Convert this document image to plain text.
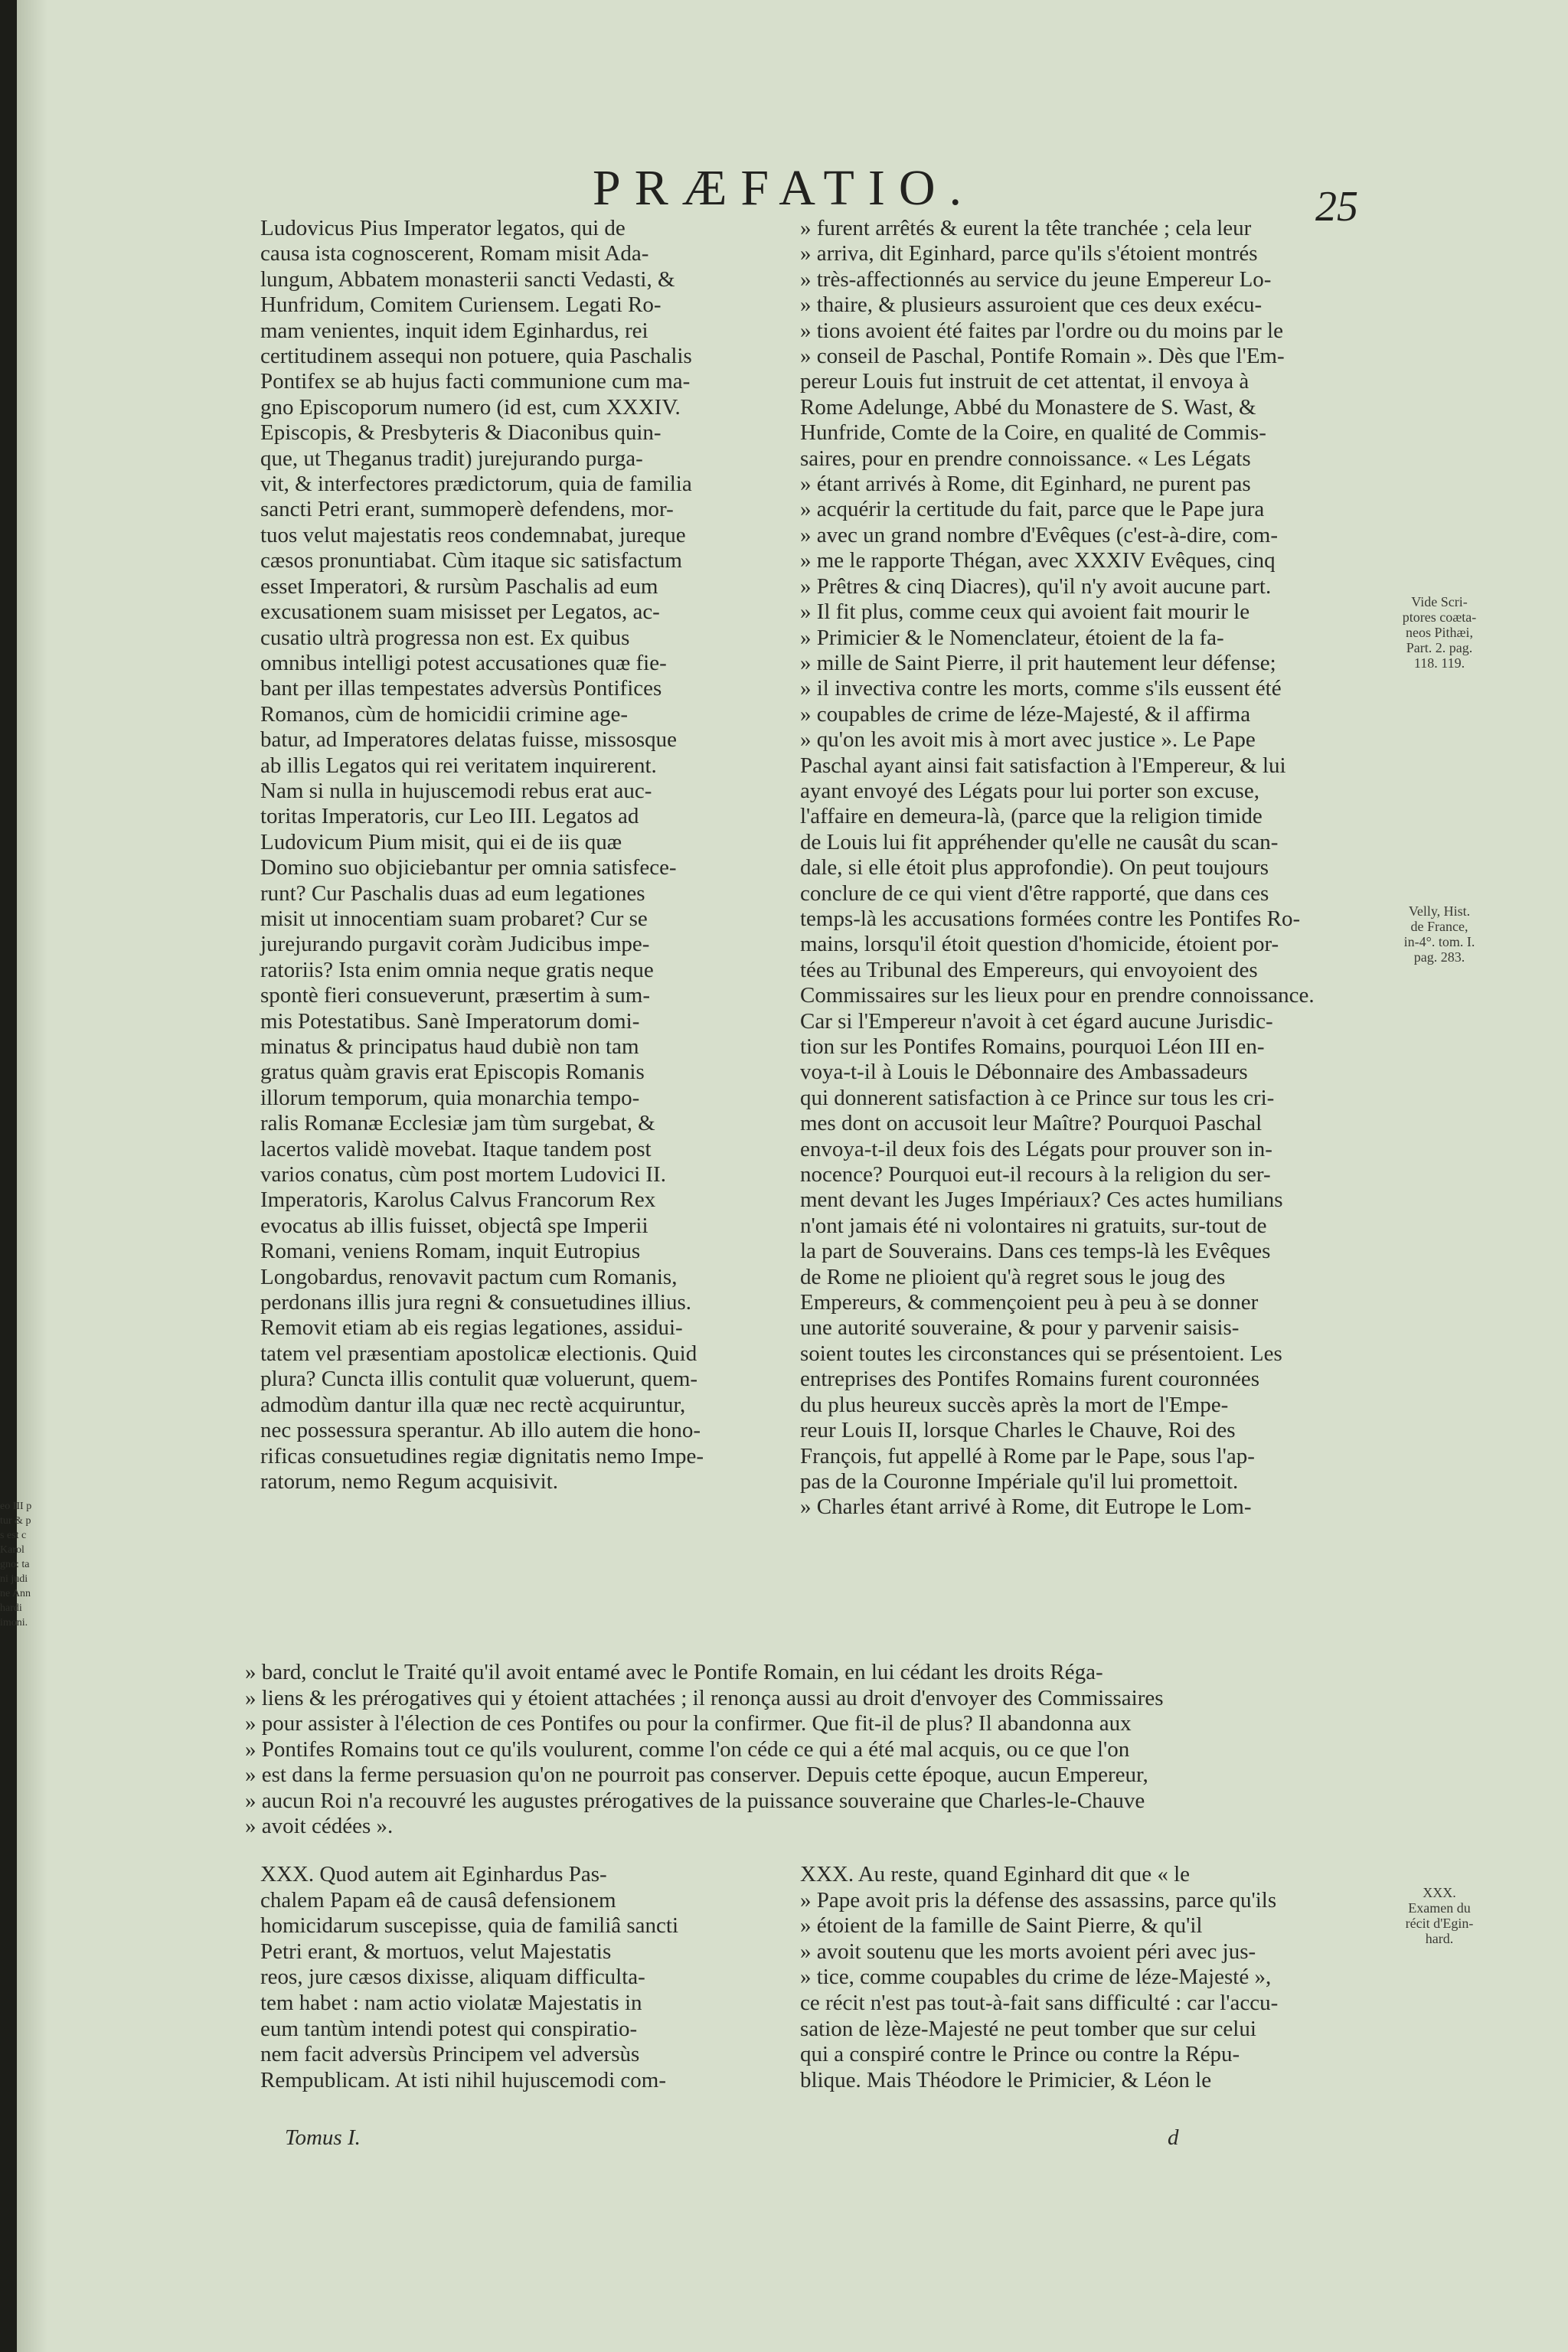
eo III p
tur & p
s est c
Karol
gno: ta
ni judi
ne Ann
hardi
imoni.
PRÆFATIO.	25
Ludovicus Pius Imperator legatos, qui de
causa ista cognoscerent, Romam misit Ada-
lungum, Abbatem monasterii sancti Vedasti, &
Hunfridum, Comitem Curiensem. Legati Ro-
mam venientes, inquit idem Eginhardus, rei
certitudinem assequi non potuere, quia Paschalis
Pontifex se ab hujus facti communione cum ma-
gno Episcoporum numero (id est, cum XXXIV.
Episcopis, & Presbyteris & Diaconibus quin-
que, ut Theganus tradit) jurejurando purga-
vit, & interfectores prædictorum, quia de familia
sancti Petri erant, summoperè defendens, mor-
tuos velut majestatis reos condemnabat, jureque
cæsos pronuntiabat. Cùm itaque sic satisfactum
esset Imperatori, & rursùm Paschalis ad eum
excusationem suam misisset per Legatos, ac-
cusatio ultrà progressa non est. Ex quibus
omnibus intelligi potest accusationes quæ fie-
bant per illas tempestates adversùs Pontifices
Romanos, cùm de homicidii crimine age-
batur, ad Imperatores delatas fuisse, missosque
ab illis Legatos qui rei veritatem inquirerent.
Nam si nulla in hujuscemodi rebus erat auc-
toritas Imperatoris, cur Leo III. Legatos ad
Ludovicum Pium misit, qui ei de iis quæ
Domino suo objiciebantur per omnia satisfece-
runt? Cur Paschalis duas ad eum legationes
misit ut innocentiam suam probaret? Cur se
jurejurando purgavit coràm Judicibus impe-
ratoriis? Ista enim omnia neque gratis neque
spontè fieri consueverunt, præsertim à sum-
mis Potestatibus. Sanè Imperatorum domi-
minatus & principatus haud dubiè non tam
gratus quàm gravis erat Episcopis Romanis
illorum temporum, quia monarchia tempo-
ralis Romanæ Ecclesiæ jam tùm surgebat, &
lacertos validè movebat. Itaque tandem post
varios conatus, cùm post mortem Ludovici II.
Imperatoris, Karolus Calvus Francorum Rex
evocatus ab illis fuisset, objectâ spe Imperii
Romani, veniens Romam, inquit Eutropius
Longobardus, renovavit pactum cum Romanis,
perdonans illis jura regni & consuetudines illius.
Removit etiam ab eis regias legationes, assidui-
tatem vel præsentiam apostolicæ electionis. Quid
plura? Cuncta illis contulit quæ voluerunt, quem-
admodùm dantur illa quæ nec rectè acquiruntur,
nec possessura sperantur. Ab illo autem die hono-
rificas consuetudines regiæ dignitatis nemo Impe-
ratorum, nemo Regum acquisivit.
» furent arrêtés & eurent la tête tranchée ; cela leur
» arriva, dit Eginhard, parce qu'ils s'étoient montrés
» très-affectionnés au service du jeune Empereur Lo-
» thaire, & plusieurs assuroient que ces deux exécu-
» tions avoient été faites par l'ordre ou du moins par le
» conseil de Paschal, Pontife Romain ». Dès que l'Em-
pereur Louis fut instruit de cet attentat, il envoya à
Rome Adelunge, Abbé du Monastere de S. Wast, &
Hunfride, Comte de la Coire, en qualité de Commis-
saires, pour en prendre connoissance. « Les Légats
» étant arrivés à Rome, dit Eginhard, ne purent pas
» acquérir la certitude du fait, parce que le Pape jura
» avec un grand nombre d'Evêques (c'est-à-dire, com-
» me le rapporte Thégan, avec XXXIV Evêques, cinq
» Prêtres & cinq Diacres), qu'il n'y avoit aucune part.
» Il fit plus, comme ceux qui avoient fait mourir le
» Primicier & le Nomenclateur, étoient de la fa-
» mille de Saint Pierre, il prit hautement leur défense;
» il invectiva contre les morts, comme s'ils eussent été
» coupables de crime de léze-Majesté, & il affirma
» qu'on les avoit mis à mort avec justice ». Le Pape
Paschal ayant ainsi fait satisfaction à l'Empereur, & lui
ayant envoyé des Légats pour lui porter son excuse,
l'affaire en demeura-là, (parce que la religion timide
de Louis lui fit appréhender qu'elle ne causât du scan-
dale, si elle étoit plus approfondie). On peut toujours
conclure de ce qui vient d'être rapporté, que dans ces
temps-là les accusations formées contre les Pontifes Ro-
mains, lorsqu'il étoit question d'homicide, étoient por-
tées au Tribunal des Empereurs, qui envoyoient des
Commissaires sur les lieux pour en prendre connoissance.
Car si l'Empereur n'avoit à cet égard aucune Jurisdic-
tion sur les Pontifes Romains, pourquoi Léon III en-
voya-t-il à Louis le Débonnaire des Ambassadeurs
qui donnerent satisfaction à ce Prince sur tous les cri-
mes dont on accusoit leur Maître? Pourquoi Paschal
envoya-t-il deux fois des Légats pour prouver son in-
nocence? Pourquoi eut-il recours à la religion du ser-
ment devant les Juges Impériaux? Ces actes humilians
n'ont jamais été ni volontaires ni gratuits, sur-tout de
la part de Souverains. Dans ces temps-là les Evêques
de Rome ne plioient qu'à regret sous le joug des
Empereurs, & commençoient peu à peu à se donner
une autorité souveraine, & pour y parvenir saisis-
soient toutes les circonstances qui se présentoient. Les
entreprises des Pontifes Romains furent couronnées
du plus heureux succès après la mort de l'Empe-
reur Louis II, lorsque Charles le Chauve, Roi des
François, fut appellé à Rome par le Pape, sous l'ap-
pas de la Couronne Impériale qu'il lui promettoit.
» Charles étant arrivé à Rome, dit Eutrope le Lom-
Vide Scri-
ptores coæta-
neos Pithæi,
Part. 2. pag.
118. 119.
Velly, Hist.
de France,
in-4°. tom. I.
pag. 283.
XXX.
Examen du
récit d'Egin-
hard.
» bard, conclut le Traité qu'il avoit entamé avec le Pontife Romain, en lui cédant les droits Réga-
» liens & les prérogatives qui y étoient attachées ; il renonça aussi au droit d'envoyer des Commissaires
» pour assister à l'élection de ces Pontifes ou pour la confirmer. Que fit-il de plus? Il abandonna aux
» Pontifes Romains tout ce qu'ils voulurent, comme l'on céde ce qui a été mal acquis, ou ce que l'on
» est dans la ferme persuasion qu'on ne pourroit pas conserver. Depuis cette époque, aucun Empereur,
» aucun Roi n'a recouvré les augustes prérogatives de la puissance souveraine que Charles-le-Chauve
» avoit cédées ».
XXX. Quod autem ait Eginhardus Pas-
chalem Papam eâ de causâ defensionem
homicidarum suscepisse, quia de familiâ sancti
Petri erant, & mortuos, velut Majestatis
reos, jure cæsos dixisse, aliquam difficulta-
tem habet : nam actio violatæ Majestatis in
eum tantùm intendi potest qui conspiratio-
nem facit adversùs Principem vel adversùs
Rempublicam. At isti nihil hujuscemodi com-
XXX. Au reste, quand Eginhard dit que « le
» Pape avoit pris la défense des assassins, parce qu'ils
» étoient de la famille de Saint Pierre, & qu'il
» avoit soutenu que les morts avoient péri avec jus-
» tice, comme coupables du crime de léze-Majesté »,
ce récit n'est pas tout-à-fait sans difficulté : car l'accu-
sation de lèze-Majesté ne peut tomber que sur celui
qui a conspiré contre le Prince ou contre la Répu-
blique. Mais Théodore le Primicier, & Léon le
Tomus I.	d
